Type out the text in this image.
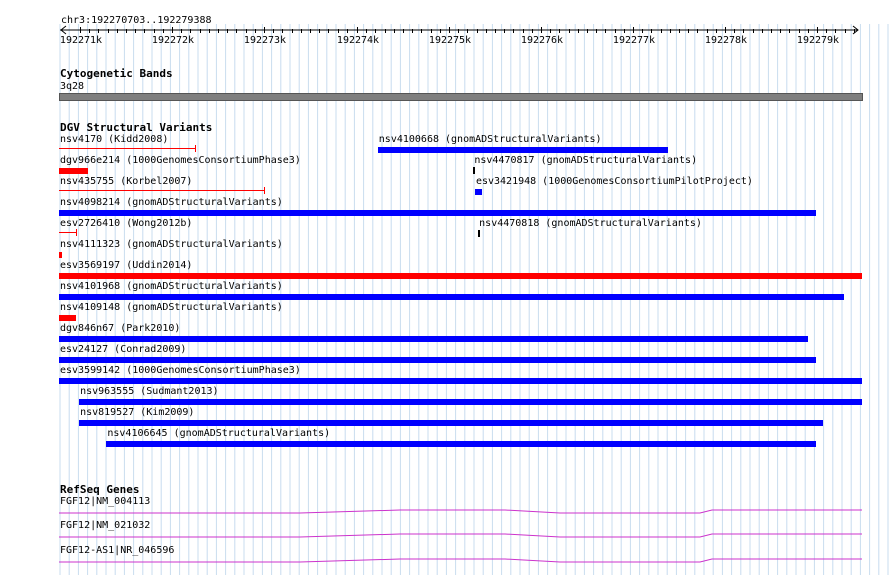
chr3:192270703..192279388
192271k	192272k	192273k	192274k	192275k	192276k	192277k	192278k	192279k
Cytogenetic Bands
3q28
DGV Structural Variants
nsv4170 (Kidd2008)
dgv966e214 (1000GenomesConsortiumPhase3)
nsv435755 (Korbel2007)
nsv4098214 (gnomADStructuralVariants)
esv2726410 (Wong2012b)
nsv4111323 (gnomADStructuralVariants)
esv3569197 (Uddin2014)
nsv4101968 (gnomADStructuralVariants)
nsv4109148 (gnomADStructuralVariants)
dgv846n67 (Park2010)
esv24127 (Conrad2009)
esv3599142 (1000GenomesConsortiumPhase3)
nsv963555 (Sudmant2013)
nsv819527 (Kim2009)
nsv4106645 (gnomADStructuralVariants)
nsv4100668 (gnomADStructuralVariants)
nsv4470817 (gnomADStructuralVariants)
esv3421948 (1000GenomesConsortiumPilotProject)
nsv4470818 (gnomADStructuralVariants)
RefSeq Genes
FGF12|NM_004113
FGF12|NM_021032
FGF12-AS1|NR_046596
